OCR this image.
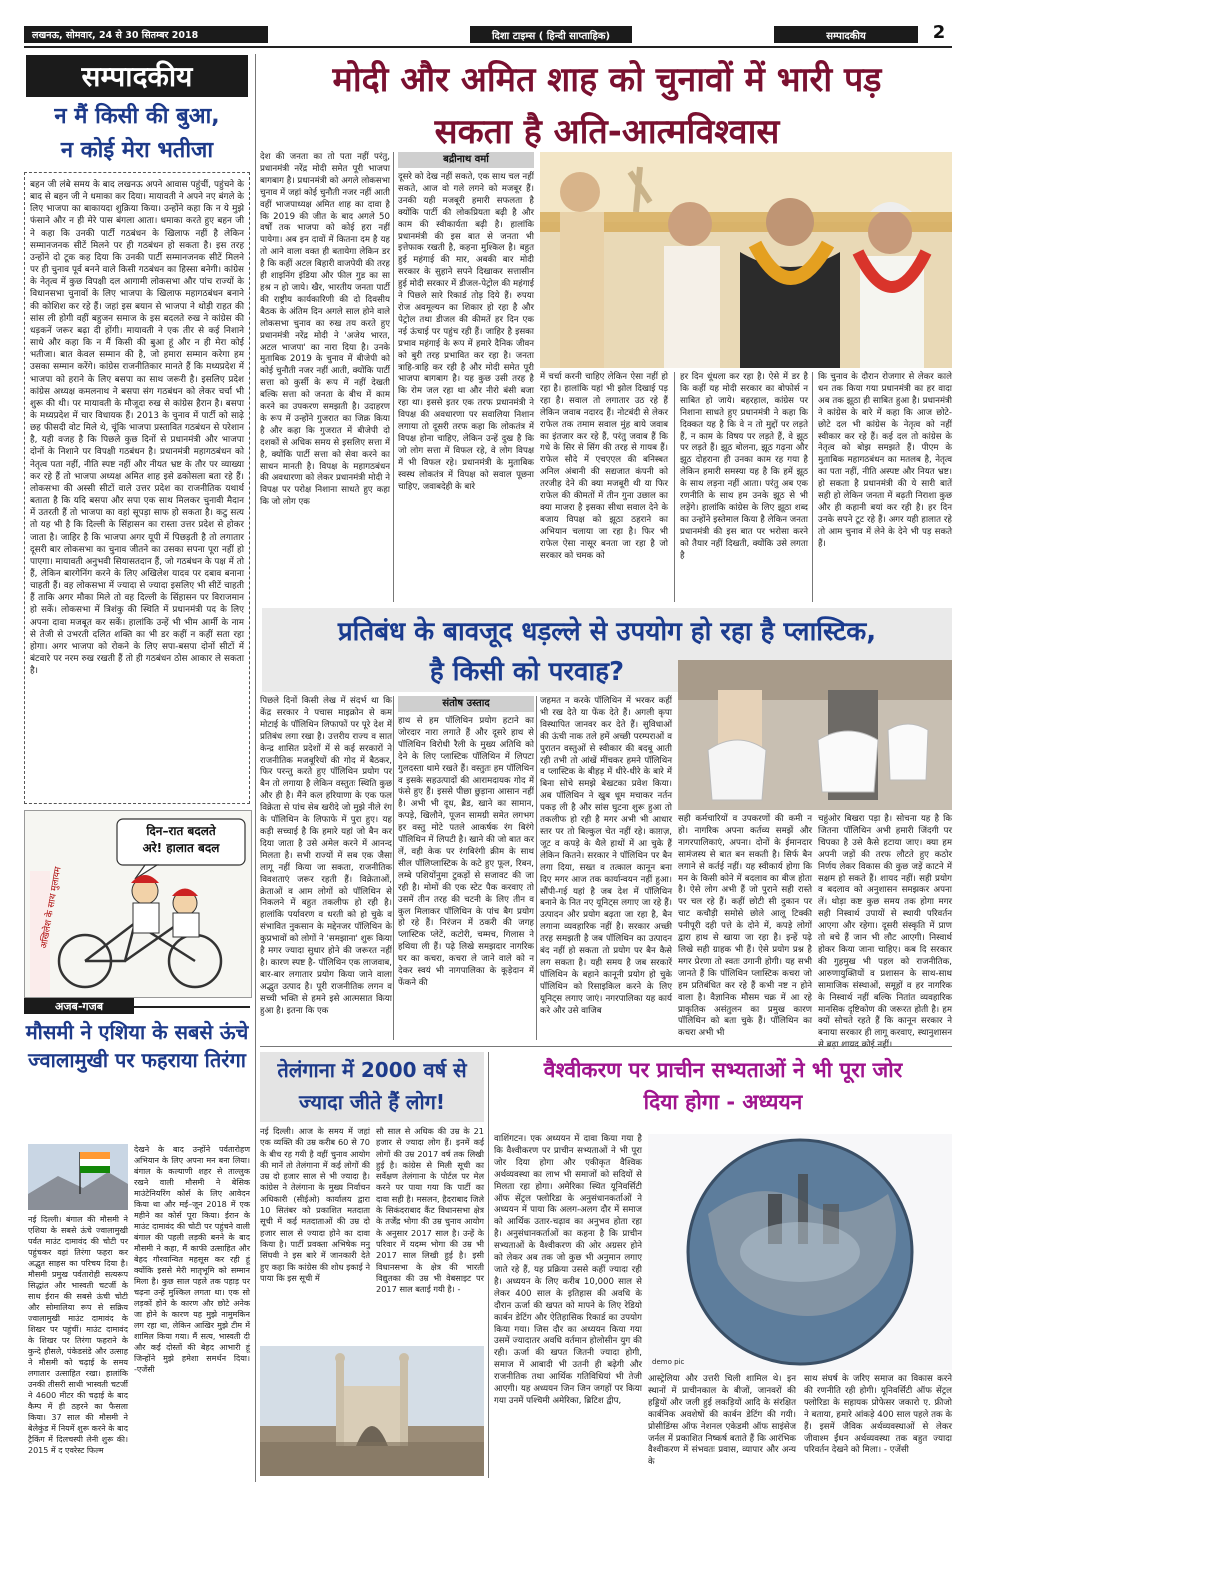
लखनऊ, सोमवार, 24 से 30 सितम्बर 2018	दिशा टाइम्स ( हिन्दी साप्ताहिक)	सम्पादकीय	2
सम्पादकीय
न मैं किसी की बुआ,
न कोई मेरा भतीजा
बहन जी लंबे समय के बाद लखनऊ अपने आवास पहुंचीं, पहुंचने के बाद से बहन जी ने धमाका कर दिया। मायावती ने अपने नए बंगले के लिए भाजपा का बाकायदा शुक्रिया किया। उन्होंने कहा कि न ये मुझे फंसाने और न ही मेरे पास बंगला आता। धमाका करते हुए बहन जी ने कहा कि उनकी पार्टी गठबंधन के खिलाफ नहीं है लेकिन सम्मानजनक सीटें मिलने पर ही गठबंधन हो सकता है। इस तरह उन्होंने दो टूक कह दिया कि उनकी पार्टी सम्मानजनक सीटें मिलने पर ही चुनाव पूर्व बनने वाले किसी गठबंधन का हिस्सा बनेगी। कांग्रेस के नेतृत्व में कुछ विपक्षी दल आगामी लोकसभा और पांच राज्यों के विधानसभा चुनावों के लिए भाजपा के खिलाफ महागठबंधन बनाने की कोशिश कर रहे हैं। जहां इस बयान से भाजपा ने थोड़ी राहत की सांस ली होगी वहीं बहुजन समाज के इस बदलते रुख ने कांग्रेस की धड़कनें जरूर बढ़ा दी होंगी। मायावती ने एक तीर से कई निशाने साधे और कहा कि न मैं किसी की बुआ हूं और न ही मेरा कोई भतीजा। बात केवल सम्मान की है, जो हमारा सम्मान करेगा हम उसका सम्मान करेंगे। कांग्रेस राजनीतिकार मानते हैं कि मध्यप्रदेश में भाजपा को हराने के लिए बसपा का साथ जरूरी है। इसलिए प्रदेश कांग्रेस अध्यक्ष कमलनाथ ने बसपा संग गठबंधन को लेकर चर्चा भी शुरू की थी। पर मायावती के मौजूदा रुख से कांग्रेस हैरान है। बसपा के मध्यप्रदेश में चार विधायक हैं। 2013 के चुनाव में पार्टी को साढ़े छह फीसदी वोट मिले थे, चूंकि भाजपा प्रस्तावित गठबंधन से परेशान है, यही वजह है कि पिछले कुछ दिनों से प्रधानमंत्री और भाजपा दोनों के निशाने पर विपक्षी गठबंधन है। प्रधानमंत्री महागठबंधन को नेतृत्व पता नहीं, नीति स्पष्ट नहीं और नीयत भ्रष्ट के तौर पर व्याख्या कर रहे हैं तो भाजपा अध्यक्ष अमित शाह इसे ढकोसला बता रहे हैं। लोकसभा की अस्सी सीटों वाले उत्तर प्रदेश का राजनीतिक यथार्थ बताता है कि यदि बसपा और सपा एक साथ मिलकर चुनावी मैदान में उतरती हैं तो भाजपा का वहां सूपड़ा साफ हो सकता है। कटु सत्य तो यह भी है कि दिल्ली के सिंहासन का रास्ता उत्तर प्रदेश से होकर जाता है। जाहिर है कि भाजपा अगर यूपी में पिछड़ती है तो लगातार दूसरी बार लोकसभा का चुनाव जीतने का उसका सपना पूरा नहीं हो पाएगा। मायावती अनुभवी सियासतदान हैं, जो गठबंधन के पक्ष में तो हैं, लेकिन बारगेनिंग करने के लिए अखिलेश यादव पर दबाव बनाना चाहती हैं। वह लोकसभा में ज्यादा से ज्यादा इसलिए भी सीटें चाहती हैं ताकि अगर मौका मिले तो वह दिल्ली के सिंहासन पर विराजमान हो सकें। लोकसभा में त्रिशंकु की स्थिति में प्रधानमंत्री पद के लिए अपना दावा मजबूत कर सकें। हालांकि उन्हें भी भीम आर्मी के नाम से तेजी से उभरती दलित शक्ति का भी डर कहीं न कहीं सता रहा होगा। अगर भाजपा को रोकने के लिए सपा-बसपा दोनों सीटों में बंटवारे पर नरम रुख रखती हैं तो ही गठबंधन ठोस आकार ले सकता है।
दिन–रात बदलते
अरे! हालात बदल
अखिलेश के साथ मुलायम
अजब-गजब
मौसमी ने एशिया के सबसे ऊंचे ज्वालामुखी पर फहराया तिरंगा
नई दिल्ली। बंगाल की मौसमी ने एशिया के सबसे ऊंचे ज्वालामुखी पर्वत माउंट दामावंद की चोटी पर पहुंचकर वहां तिरंगा फहरा कर अद्भुत साहस का परिचय दिया है। मौसमी प्रमुख पर्वतारोही सत्यरूप सिद्धांत और भास्वती चटर्जी के साथ ईरान की सबसे ऊंची चोटी और सोमालिया रूप से सक्रिय ज्वालामुखी माउंट दामावंद के शिखर पर पहुंचीं। माउंट दामावंद के शिखर पर तिरंगा फहराने के कुन्दे हौसले, पंकेडसंडे और उत्साह ने मौसमी को चढ़ाई के समय लगातार उत्साहित रखा। हालांकि उनकी तीसरी साथी भास्वती चटर्जी ने 4600 मीटर की चढ़ाई के बाद कैम्प में ही ठहरने का फैसला किया। 37 साल की मौसमी ने बेलेकुंड में नियमें शुरू करने के बाद ट्रैकिंग में दिलचस्पी लेनी शुरू की। 2015 में द एवरेस्ट फिल्म
देखने के बाद उन्होंने पर्वतारोहण अभियान के लिए अपना मन बना लिया। बंगाल के कल्याणी शहर से ताल्लुक रखने वाली मौसमी ने बेसिक माउंटेनियरिंग कोर्स के लिए आवेदन किया था और मई–जून 2018 में एक महीने का कोर्स पूरा किया। ईरान के माउंट दामावंद की चोटी पर पहुंचने वाली बंगाल की पहली लड़की बनने के बाद मौसमी ने कहा, मैं काफी उत्साहित और बेहद गौरवान्वित महसूस कर रही हूं क्योंकि इससे मेरी मातृभूमि को सम्मान मिला है। कुछ साल पहले तक पहाड़ पर चढ़ना उन्हें मुश्किल लगता था। एक सो लड़कों होने के कारण और छोटे अनेक जा होने के कारण यह मुझे नामुमकिन लग रहा था, लेकिन आखिर मुझे टीम में शामिल किया गया। मैं सत्य, भास्वती दी और कई दोस्तों की बेहद आभारी हूं जिन्होंने मुझे हमेशा समर्थन दिया। -एजेंसी
मोदी और अमित शाह को चुनावों में भारी पड़
सकता है अति-आत्मविश्वास
देश की जनता का तो पता नहीं परंतु, प्रधानमंत्री नरेंद्र मोदी समेत पूरी भाजपा बागबाग है। प्रधानमंत्री को अगले लोकसभा चुनाव में जहां कोई चुनौती नजर नहीं आती वहीं भाजपाध्यक्ष अमित शाह का दावा है कि 2019 की जीत के बाद अगले 50 वर्षों तक भाजपा को कोई हरा नहीं पायेगा। अब इन दावों में कितना दम है यह तो आने वाला वक्त ही बतायेगा लेकिन डर है कि कहीं अटल बिहारी वाजपेयी की तरह ही शाइनिंग इंडिया और फील गुड का सा हश्र न हो जाये। खैर, भारतीय जनता पार्टी की राष्ट्रीय कार्यकारिणी की दो दिवसीय बैठक के अंतिम दिन अगले साल होने वाले लोकसभा चुनाव का रुख तय करते हुए प्रधानमंत्री नरेंद्र मोदी ने 'अजेय भारत, अटल भाजपा' का नारा दिया है। उनके मुताबिक 2019 के चुनाव में बीजेपी को कोई चुनौती नजर नहीं आती, क्योंकि पार्टी सत्ता को कुर्सी के रूप में नहीं देखती बल्कि सत्ता को जनता के बीच में काम करने का उपकरण समझती है। उदाहरण के रूप में उन्होंने गुजरात का जिक्र किया है और कहा कि गुजरात में बीजेपी दो दशकों से अधिक समय से इसलिए सत्ता में है, क्योंकि पार्टी सत्ता को सेवा करने का साधन मानती है। विपक्ष के महागठबंधन की अवधारणा को लेकर प्रधानमंत्री मोदी ने विपक्ष पर परोक्ष निशाना साधते हुए कहा कि जो लोग एक
बद्रीनाथ वर्मा
दूसरे को देख नहीं सकते, एक साथ चल नहीं सकते, आज वो गले लगने को मजबूर हैं। उनकी यही मजबूरी हमारी सफलता है क्योंकि पार्टी की लोकप्रियता बढ़ी है और काम की स्वीकार्यता बढ़ी है। हालांकि प्रधानमंत्री की इस बात से जनता भी इत्तेफाक रखती है, कहना मुश्किल है। बहुत हुई महंगाई की मार, अबकी बार मोदी सरकार के सुहाने सपने दिखाकर सत्तासीन हुई मोदी सरकार में डीजल-पेट्रोल की महंगाई ने पिछले सारे रिकार्ड तोड़ दिये हैं। रुपया रोज अवमूल्यन का शिकार हो रहा है और पेट्रोल तथा डीजल की कीमतें हर दिन एक नई ऊंचाई पर पहुंच रही हैं। जाहिर है इसका प्रभाव महंगाई के रूप में हमारे दैनिक जीवन को बुरी तरह प्रभावित कर रहा है। जनता त्राहि-त्राहि कर रही है और मोदी समेत पूरी भाजपा बागबाग है। यह कुछ उसी तरह है कि रोम जल रहा था और नीरो बंसी बजा रहा था। इससे इतर एक तरफ प्रधानमंत्री ने विपक्ष की अवधारणा पर सवालिया निशान लगाया तो दूसरी तरफ कहा कि लोकतंत्र में विपक्ष होना चाहिए, लेकिन उन्हें दुख है कि जो लोग सत्ता में विफल रहे, वे लोग विपक्ष में भी विफल रहे। प्रधानमंत्री के मुताबिक स्वस्थ लोकतंत्र में विपक्ष को सवाल पूछना चाहिए, जवाबदेही के बारे
में चर्चा करनी चाहिए लेकिन ऐसा नहीं हो रहा है। हालांकि यहां भी झोल दिखाई पड़ रहा है। सवाल तो लगातार उठ रहे हैं लेकिन जवाब नदारद हैं। नोटबंदी से लेकर राफेल तक तमाम सवाल मुंह बाये जवाब का इंतजार कर रहे हैं, परंतु जवाब हैं कि गधे के सिर से सिंग की तरह से गायब हैं। राफेल सौदे में एचएएल की बनिस्बत अनिल अंबानी की सद्यजात कंपनी को तरजीह देने की क्या मजबूरी थी या फिर राफेल की कीमतों में तीन गुना उछाल का क्या माजरा है इसका सीधा सवाल देने के बजाय विपक्ष को झूठा ठहराने का अभियान चलाया जा रहा है। फिर भी राफेल ऐसा नासूर बनता जा रहा है जो सरकार को चमक को
हर दिन धूंधला कर रहा है। ऐसे में डर है कि कहीं यह मोदी सरकार का बोफोर्स न साबित हो जाये। बहरहाल, कांग्रेस पर निशाना साधते हुए प्रधानमंत्री ने कहा कि दिक्कत यह है कि वे न तो मुद्दों पर लड़ते हैं, न काम के विषय पर लड़ते हैं, वे झूठ पर लड़ते हैं। झूठ बोलना, झूठ गढ़ना और झूठ दोहराना ही उनका काम रह गया है लेकिन हमारी समस्या यह है कि हमें झूठ के साथ लड़ना नहीं आता। परंतु अब एक रणनीति के साथ हम उनके झूठ से भी लड़ेंगे। हालांकि कांग्रेस के लिए झूठा शब्द का उन्होंने इस्तेमाल किया है लेकिन जनता प्रधानमंत्री की इस बात पर भरोसा करने को तैयार नहीं दिखती, क्योंकि उसे लगता है
कि चुनाव के दौरान रोजगार से लेकर काले धन तक किया गया प्रधानमंत्री का हर वादा अब तक झूठा ही साबित हुआ है। प्रधानमंत्री ने कांग्रेस के बारे में कहा कि आज छोटे-छोटे दल भी कांग्रेस के नेतृत्व को नहीं स्वीकार कर रहे हैं। कई दल तो कांग्रेस के नेतृत्व को बोझ समझते हैं। पीएम के मुताबिक महागठबंधन का मतलब है, नेतृत्व का पता नहीं, नीति अस्पष्ट और नियत भ्रष्ट। हो सकता है प्रधानमंत्री की ये सारी बातें सही हो लेकिन जनता में बढ़ती निराशा कुछ और ही कहानी बयां कर रही है। हर दिन उनके सपने टूट रहे हैं। अगर यही हालात रहे तो आम चुनाव में लेने के देने भी पड़ सकते हैं।
प्रतिबंध के बावजूद धड़ल्ले से उपयोग हो रहा है प्लास्टिक,
है किसी को परवाह?
संतोष उस्ताद
पिछले दिनों किसी लेख में संदर्भ था कि केंद्र सरकार ने पचास माइक्रोन से कम मोटाई के पॉलिथिन लिफाफों पर पूरे देश में प्रतिबंध लगा रखा है। उत्तरीय राज्य व सात केन्द्र शासित प्रदेशों में से कई सरकारों ने राजनीतिक मजबूरियों की गोद में बैठकर, फिर परन्तु करते हुए पॉलिथिन प्रयोग पर बैन तो लगाया है लेकिन वस्तुतः स्थिति कुछ और ही है। मैंने कल हरियाणा के एक फल विक्रेता से पांच सेब खरीदे जो मुझे नीले रंग के पॉलिथिन के लिफाफे में पुरा हुए। यह कड़ी सच्चाई है कि हमारे यहां जो बैन कर दिया जाता है उसे अमेल करने में आनन्द मिलता है। सभी राज्यों में सब एक जैसा लागू नहीं किया जा सकता, राजनीतिक विवशताएं जरूर रहती हैं। विक्रेताओं, क्रेताओं व आम लोगों को पॉलिथिन से निकलने में बहुत तकलीफ हो रही है। हालांकि पर्यावरण व धरती को हो चुके व संभावित नुकसान के मद्देनजर पॉलिथिन के कुप्रभावों को लोगों ने 'समझाना' शुरू किया है मगर ज्यादा सुधार होने की जरूरत नहीं है। कारण स्पष्ट है- पॉलिथिन एक लाजवाब, बार-बार लगातार प्रयोग किया जाने वाला अद्भुत उत्पाद है। पूरी राजनीतिक लगन व सच्ची भक्ति से हमने इसे आत्मसात किया हुआ है। इतना कि एक
हाथ से हम पॉलिथिन प्रयोग हटाने का जोरदार नारा लगाते हैं और दूसरे हाथ से पॉलिथिन विरोधी रैली के मुख्य अतिथि को देने के लिए प्लास्टिक पॉलिथिन में लिपटा गुलदस्ता थामे रखते हैं। वस्तुतः हम पॉलिथिन व इसके सहउत्पादों की आरामदायक गोद में फंसे हुए हैं। इससे पीछा छुड़ाना आसान नहीं है। अभी भी दूध, ब्रैड, खाने का सामान, कपड़े, खिलौने, पूजन सामग्री समेत लगभग हर वस्तु मोटे पतले आकर्षक रंग बिरंगे पॉलिथिन में लिपटी है। खाने की जो बात कर लें, वही केक पर रंगबिरंगी क्रीम के साथ सील पॉलिप्लास्टिक के कटे हुए फूल, रिबन, लम्बे पशियोंनुमा टुकड़ों से सजावट की जा रही है। मोमों की एक स्टेट पैक करवाए तो उसमें तीन तरह की चटनी के लिए तीन व कुल मिलाकर पॉलिथिन के पांच बैग प्रयोग हो रहे हैं। निरंजन में ठकरी की जगह प्लास्टिक प्लेटें, कटोरी, चम्मच, गिलास ने हथिया ली हैं। पढ़े लिखे समझदार नागरिक घर का कचरा, कचरा ले जाने वाले को न देकर स्वयं भी नागपालिका के कूड़ेदान में फेंकने की
जहमत न करके पॉलिथिन में भरकर कहीं भी रख देते या फेंक देते हैं। अगली कृपा विस्थापित जानवर कर देते हैं। सुविधाओं की ऊंची नाक तले हमें अच्छी परम्पराओं व पुरातन वस्तुओं से स्वीकार की बदबू आती रही तभी तो आंखें मींचकर हमने पॉलिथिन व प्लास्टिक के बीहड़ में धीरे-धीरे के बारे में बिना सोचे समझे बेखटका प्रवेश किया। अब पॉलिथिन ने खुब धूम मचाकर नर्तन पकड़ ली है और सांस घुटना शुरू हुआ तो तकलीफ हो रही है मगर अभी भी आधार स्तर पर तो बिल्कुल चेत नहीं रहे। काग़ज़, जूट व कपड़े के थैले हाथों में आ चुके हैं लेकिन कितने। सरकार ने पॉलिथिन पर बैन लगा दिया, सख्त व तत्काल कानून बना दिए मगर आज तक कार्यान्वयन नहीं हुआ। सौंपी-गई यहां है जब देश में पॉलिथिन बनाने के नित नए यूनिट्स लगाए जा रहे हैं। उत्पादन और प्रयोग बढ़ता जा रहा है, बैन लगाना व्यवहारिक नहीं है। सरकार अच्छी तरह समझती है जब पॉलिथिन का उत्पादन बंद नहीं हो सकता तो प्रयोग पर बैन कैसे लग सकता है। यही समय है जब सरकारें पॉलिथिन के बहाने कानूनी प्रयोग हो चुके पॉलिथिन को रिसाइकिल करने के लिए यूनिट्स लगाए जाएं। नगरपालिका यह कार्य करे और उसे वाजिब
सही कर्मचारियों व उपकरणों की कमी न हो। नागरिक अपना कर्तव्य समझें और नागरपालिकाएं, अपना। दोनों के ईमानदार सामंजस्य से बात बन सकती है। सिर्फ बैन लगाने से कर्तई नहीं। यह स्वीकार्य होगा कि मन के किसी कोने में बदलाव का बीज होता है। ऐसे लोग अभी हैं जो पुराने सही रास्ते पर चल रहे हैं। कहीं छोटी सी दुकान पर चाट कचौड़ी समोसे छोले आलू टिक्की पनीपूरी दही पत्ते के दोने में, कपड़े लोगों द्वारा हाथ से खाया जा रहा है। इन्हें पढ़े लिखे सही ग्राहक भी हैं। ऐसे प्रयोग प्रश्न है मगर प्रेरणा तो स्वतः उगानी होगी। यह सभी जानते हैं कि पॉलिथिन प्लास्टिक कचरा जो हम प्रतिबंधित कर रहे हैं कभी नष्ट न होने वाला है। वैज्ञानिक मौसम चक्र में आ रहे प्राकृतिक असंतुलन का प्रमुख कारण पॉलिथिन को बता चुके हैं। पॉलिथिन का कचरा अभी भी
चहुंओर बिखरा पड़ा है। सोचना यह है कि जितना पॉलिथिन अभी हमारी जिंदगी पर चिपका है उसे कैसे हटाया जाए। क्या हम अपनी जड़ों की तरफ लौटते हुए कठोर निर्णय लेकर विकास की कुछ जड़ें काटने में सक्षम हो सकते हैं। शायद नहीं। सही प्रयोग व बदलाव को अनुशासन समझकर अपना लें। थोड़ा कष्ट कुछ समय तक होगा मगर सही निस्वार्थ उपायों से स्थायी परिवर्तन आएगा और रहेगा। दूसरी संस्कृति में प्राण तो बचे हैं जान भी लौट आएगी। निस्वार्थ होकर किया जाना चाहिए। कब दि सरकार की गुहमुख भी पहल को राजनीतिक, आरुणायुक्तियों व प्रशासन के साथ-साथ सामाजिक संस्थाओं, समूहों व हर नागरिक के निस्वार्थ नहीं बल्कि नितांत व्यवहारिक मानसिक दृष्टिकोण की जरूरत होती है। हम क्यों सोचते रहते हैं कि कानून सरकार ने बनाया सरकार ही लागू करवाए, स्थानुशासन से बढ़ा शायद कोई नहीं।
तेलंगाना में 2000 वर्ष से ज्यादा जीते हैं लोग!
नई दिल्ली। आज के समय में जहां एक व्यक्ति की उम्र करीब 60 से 70 के बीच रह गयी है वहीं चुनाव आयोग की मानें तो तेलंगाना में कई लोगों की उम्र दो हजार साल से भी ज्यादा है। कांग्रेस ने तेलंगाना के मुख्य निर्वाचन अधिकारी (सीईओ) कार्यालय द्वारा 10 सितंबर को प्रकाशित मतदाता सूची में कई मतदाताओं की उम्र दो हजार साल से ज्यादा होने का दावा किया है। पार्टी प्रवक्ता अभिषेक मनु सिंघवी ने इस बारे में जानकारी देते हुए कहा कि कांग्रेस की शोध इकाई ने पाया कि इस सूची में
सौ साल से अधिक की उम्र के 21 हजार से ज्यादा लोग हैं। इनमें कई लोगों की उम्र 2017 वर्ष तक लिखी हुई है। कांग्रेस से मिली सूची का सर्वेक्षण तेलंगाना के पोर्टल पर मेल करने पर पाया गया कि पार्टी का दावा सही है। मसलन, हैदराबाद जिले के सिकंदराबाद कैंट विधानसभा क्षेत्र के तर्जेंद्र भोगा की उम्र चुनाव आयोग के अनुसार 2017 साल है। उन्हें के परिवार में यदम्म भोगा की उम्र भी 2017 साल लिखी हुई है। इसी विधानसभा के क्षेत्र की भारती विद्युतका की उम्र भी वेबसाइट पर 2017 साल बताई गयी है। -
वैश्वीकरण पर प्राचीन सभ्यताओं ने भी पूरा जोर
दिया होगा - अध्ययन
वाशिंगटन। एक अध्ययन में दावा किया गया है कि वैश्वीकरण पर प्राचीन सभ्यताओं ने भी पूरा जोर दिया होगा और एकीकृत वैश्विक अर्थव्यवस्था का लाभ भी समाजों को सदियों से मिलता रहा होगा। अमेरिका स्थित यूनिवर्सिटी ऑफ सेंट्रल फ्लोरिडा के अनुसंधानकर्ताओं ने अध्ययन में पाया कि अलग-अलग दौर में समाज को आर्थिक उतार-चढ़ाव का अनुभव होता रहा है। अनुसंधानकर्ताओं का कहना है कि प्राचीन सभ्यताओं के वैश्वीकरण की ओर अग्रसर होने को लेकर अब तक जो कुछ भी अनुमान लगाए जाते रहे हैं, यह प्रक्रिया उससे कहीं ज्यादा रही है। अध्ययन के लिए करीब 10,000 साल से लेकर 400 साल के इतिहास की अवधि के दौरान ऊर्जा की खपत को मापने के लिए रेडियो कार्बन डेटिंग और ऐतिहासिक रिकार्ड का उपयोग किया गया। जिस दौर का अध्ययन किया गया उसमें ज्यादातर अवधि वर्तमान होलोसीन युग की रही। ऊर्जा की खपत जितनी ज्यादा होगी, समाज में आबादी भी उतनी ही बढ़ेगी और राजनीतिक तथा आर्थिक गतिविधियां भी तेजी आएगी। यह अध्ययन जिन जिन जगहों पर किया गया उनमें पश्चिमी अमेरिका, ब्रिटिश द्वीप,
demo pic
आस्ट्रेलिया और उत्तरी चिली शामिल थे। इन स्थानों में प्राचीनकाल के बीजों, जानवरों की हड्डियों और जली हुई लकड़ियों आदि के संरक्षित कार्बनिक अवशेषों की कार्बन डेटिंग की गयी। प्रोसीडिंग्स ऑफ नेशनल एकेडमी ऑफ साइंसेज जर्नल में प्रकाशित निष्कर्ष बताते हैं कि आरंभिक वैश्वीकरण में संभवतः प्रवास, व्यापार और अन्य के
साथ संघर्ष के जरिए समाज का विकास करने की रणनीति रही होगी। यूनिवर्सिटी ऑफ सेंट्रल फ्लोरिडा के सहायक प्रोफेसर जकारो ए. फ्रीजो ने बताया, हमारे आंकड़े 400 साल पहले तक के हैं। इसमें जैविक अर्थव्यवस्थाओं से लेकर जीवाश्म ईंधन अर्थव्यवस्था तक बहुत ज्यादा परिवर्तन देखने को मिला। - एजेंसी
